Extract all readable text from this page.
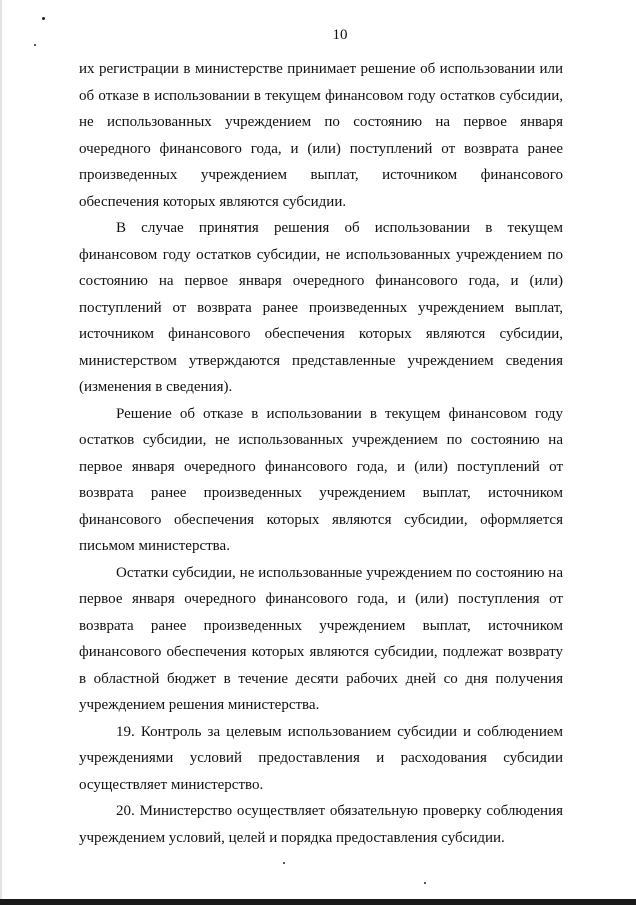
10

их регистрации в министерстве принимает решение об использовании или об отказе в использовании в текущем финансовом году остатков субсидии, не использованных учреждением по состоянию на первое января очередного финансового года, и (или) поступлений от возврата ранее произведенных учреждением выплат, источником финансового обеспечения которых являются субсидии.

В случае принятия решения об использовании в текущем финансовом году остатков субсидии, не использованных учреждением по состоянию на первое января очередного финансового года, и (или) поступлений от возврата ранее произведенных учреждением выплат, источником финансового обеспечения которых являются субсидии, министерством утверждаются представленные учреждением сведения (изменения в сведения).

Решение об отказе в использовании в текущем финансовом году остатков субсидии, не использованных учреждением по состоянию на первое января очередного финансового года, и (или) поступлений от возврата ранее произведенных учреждением выплат, источником финансового обеспечения которых являются субсидии, оформляется письмом министерства.

Остатки субсидии, не использованные учреждением по состоянию на первое января очередного финансового года, и (или) поступления от возврата ранее произведенных учреждением выплат, источником финансового обеспечения которых являются субсидии, подлежат возврату в областной бюджет в течение десяти рабочих дней со дня получения учреждением решения министерства.

19. Контроль за целевым использованием субсидии и соблюдением учреждениями условий предоставления и расходования субсидии осуществляет министерство.

20. Министерство осуществляет обязательную проверку соблюдения учреждением условий, целей и порядка предоставления субсидии.
